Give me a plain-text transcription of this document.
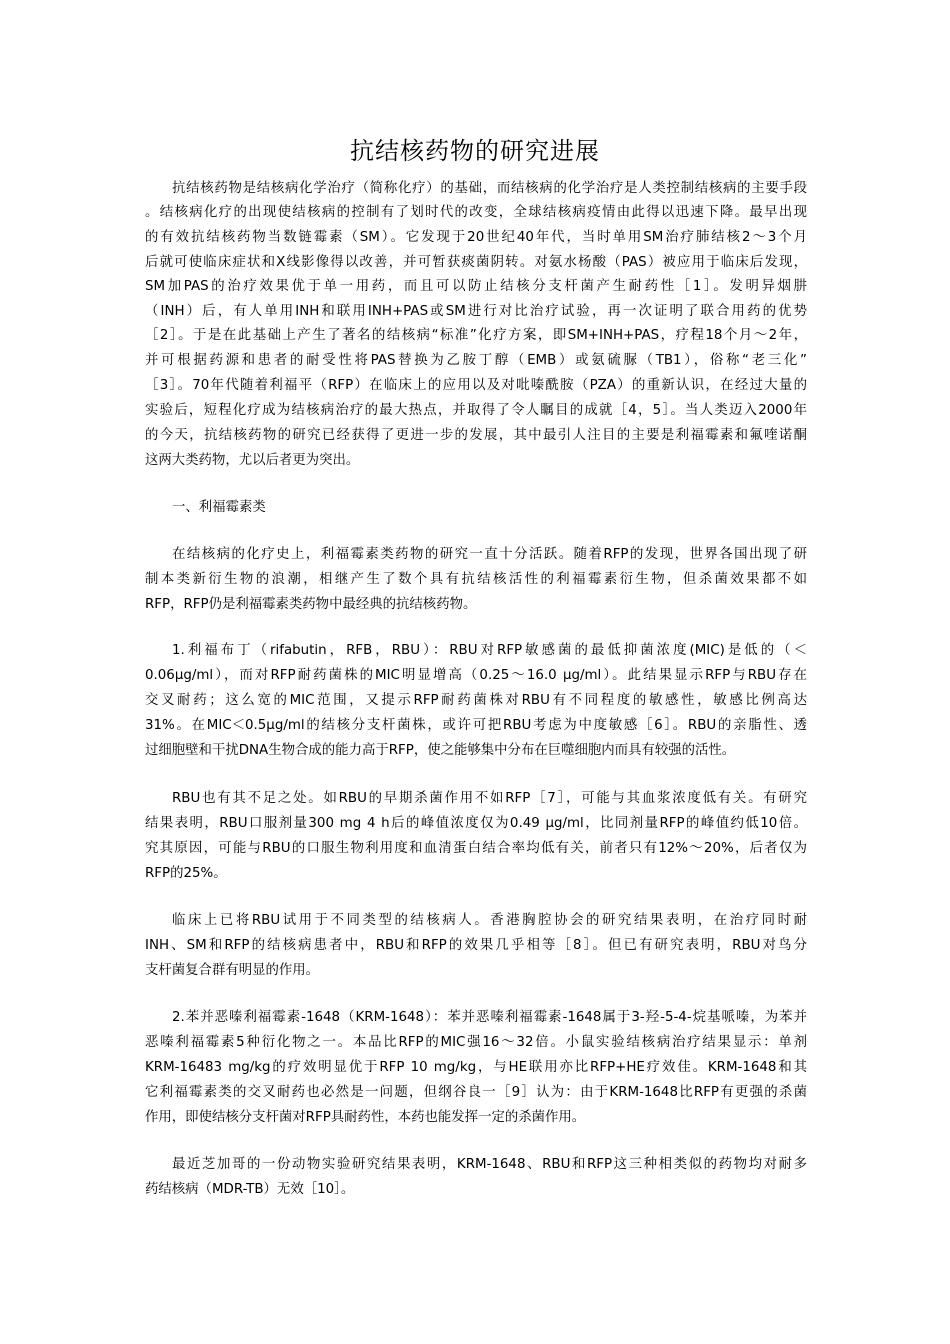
抗结核药物的研究进展
抗结核药物是结核病化学治疗（简称化疗）的基础，而结核病的化学治疗是人类控制结核病的主要手段
。结核病化疗的出现使结核病的控制有了划时代的改变，全球结核病疫情由此得以迅速下降。最早出现
的有效抗结核药物当数链霉素（SM）。它发现于20世纪40年代，当时单用SM治疗肺结核2～3个月
后就可使临床症状和X线影像得以改善，并可暂获痰菌阴转。对氨水杨酸（PAS）被应用于临床后发现，
SM加PAS的治疗效果优于单一用药，而且可以防止结核分支杆菌产生耐药性［1］。发明异烟肼
（INH）后，有人单用INH和联用INH+PAS或SM进行对比治疗试验，再一次证明了联合用药的优势
［2］。于是在此基础上产生了著名的结核病“标准”化疗方案，即SM+INH+PAS，疗程18个月～2年，
并可根据药源和患者的耐受性将PAS替换为乙胺丁醇（EMB）或氨硫脲（TB1），俗称“老三化”
［3］。70年代随着利福平（RFP）在临床上的应用以及对吡嗪酰胺（PZA）的重新认识，在经过大量的
实验后，短程化疗成为结核病治疗的最大热点，并取得了令人瞩目的成就［4，5］。当人类迈入2000年
的今天，抗结核药物的研究已经获得了更进一步的发展，其中最引人注目的主要是利福霉素和氟喹诺酮
这两大类药物，尤以后者更为突出。
一、利福霉素类
在结核病的化疗史上，利福霉素类药物的研究一直十分活跃。随着RFP的发现，世界各国出现了研
制本类新衍生物的浪潮，相继产生了数个具有抗结核活性的利福霉素衍生物，但杀菌效果都不如
RFP，RFP仍是利福霉素类药物中最经典的抗结核药物。
1.利福布丁（rifabutin，RFB，RBU）：RBU对RFP敏感菌的最低抑菌浓度(MIC)是低的（＜
0.06μg/ml），而对RFP耐药菌株的MIC明显增高（0.25～16.0 μg/ml）。此结果显示RFP与RBU存在
交叉耐药；这么宽的MIC范围，又提示RFP耐药菌株对RBU有不同程度的敏感性，敏感比例高达
31%。在MIC＜0.5μg/ml的结核分支杆菌株，或许可把RBU考虑为中度敏感［6］。RBU的亲脂性、透
过细胞壁和干扰DNA生物合成的能力高于RFP，使之能够集中分布在巨噬细胞内而具有较强的活性。
RBU也有其不足之处。如RBU的早期杀菌作用不如RFP［7］，可能与其血浆浓度低有关。有研究
结果表明，RBU口服剂量300 mg 4 h后的峰值浓度仅为0.49 μg/ml，比同剂量RFP的峰值约低10倍。
究其原因，可能与RBU的口服生物利用度和血清蛋白结合率均低有关，前者只有12%～20%，后者仅为
RFP的25%。
临床上已将RBU试用于不同类型的结核病人。香港胸腔协会的研究结果表明，在治疗同时耐
INH、SM和RFP的结核病患者中，RBU和RFP的效果几乎相等［8］。但已有研究表明，RBU对鸟分
支杆菌复合群有明显的作用。
2.苯并恶嗪利福霉素-1648（KRM-1648）：苯并恶嗪利福霉素-1648属于3-羟-5-4-烷基哌嗪，为苯并
恶嗪利福霉素5种衍化物之一。本品比RFP的MIC强16～32倍。小鼠实验结核病治疗结果显示：单剂
KRM-16483 mg/kg的疗效明显优于RFP 10 mg/kg，与HE联用亦比RFP+HE疗效佳。KRM-1648和其
它利福霉素类的交叉耐药也必然是一问题，但纲谷良一［9］认为：由于KRM-1648比RFP有更强的杀菌
作用，即使结核分支杆菌对RFP具耐药性，本药也能发挥一定的杀菌作用。
最近芝加哥的一份动物实验研究结果表明，KRM-1648、RBU和RFP这三种相类似的药物均对耐多
药结核病（MDR-TB）无效［10］。
